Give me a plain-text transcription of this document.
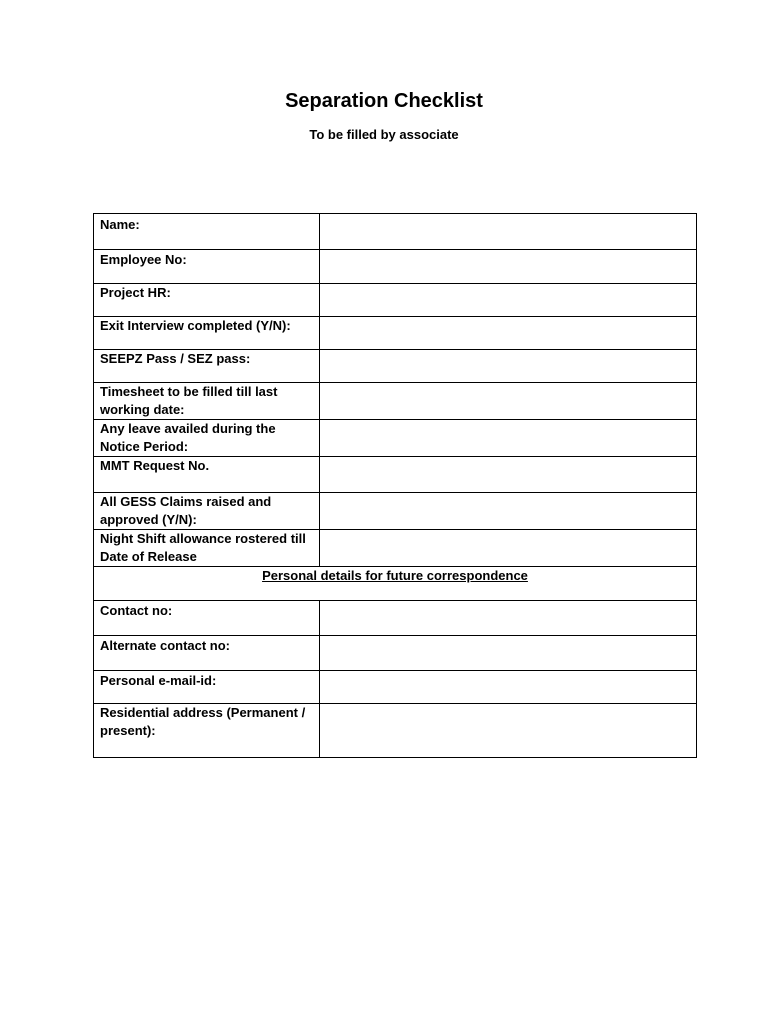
Separation Checklist
To be filled by associate
Name:	

Employee No:	

Project HR:	

Exit Interview completed (Y/N):	

SEEPZ Pass / SEZ pass:	

Timesheet to be filled till last working date:	

Any leave availed during the Notice Period:	

MMT Request No.	

All GESS Claims raised and approved (Y/N):	

Night Shift allowance rostered till Date of Release	

Personal details for future correspondence	

Contact no:	

Alternate contact no:	

Personal e-mail-id:	

Residential address (Permanent / present):	
